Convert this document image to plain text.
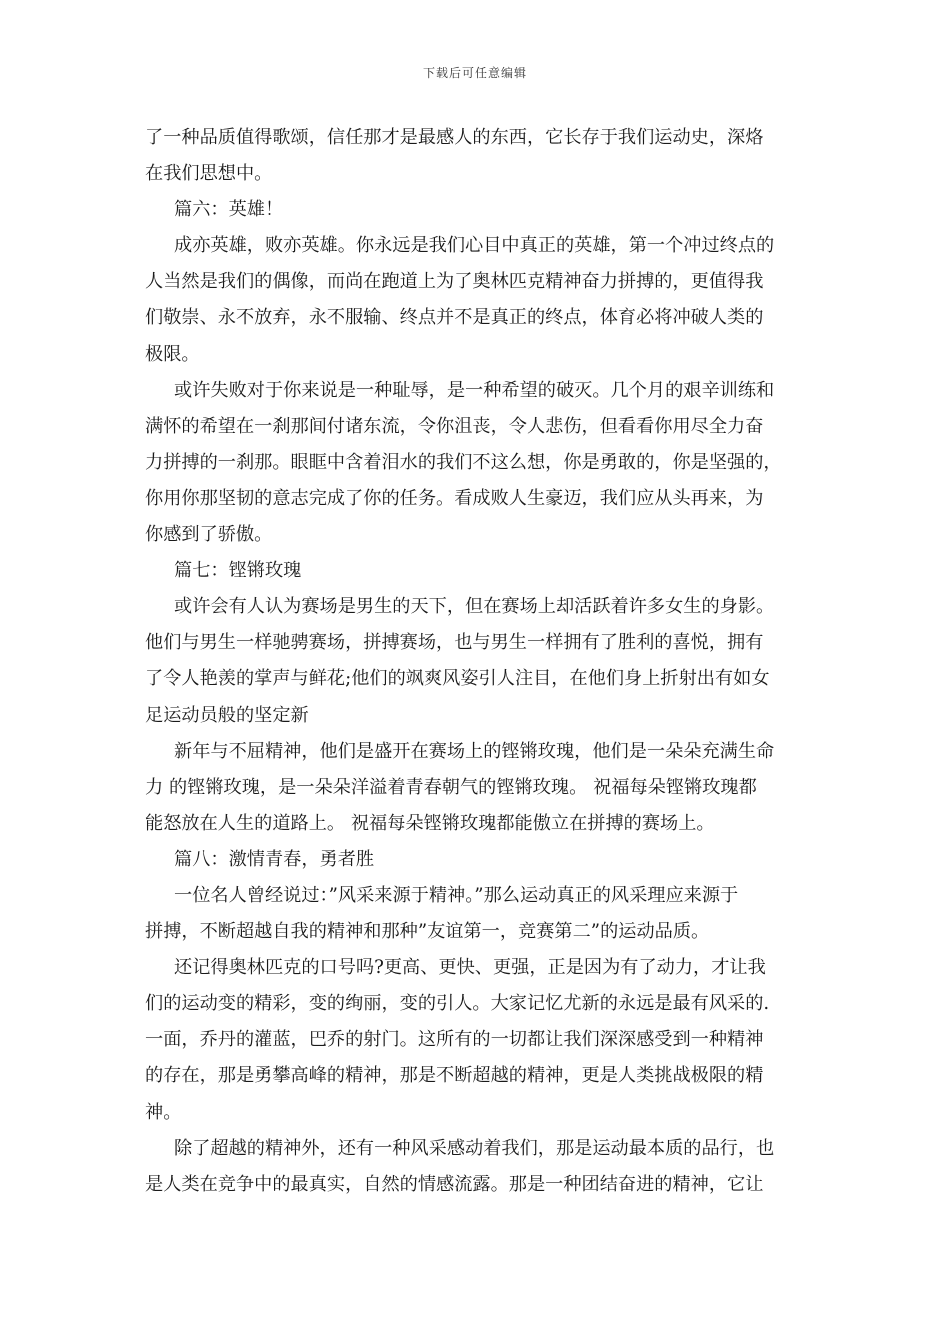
下载后可任意编辑
了一种品质值得歌颂，信任那才是最感人的东西，它长存于我们运动史，深烙
在我们思想中。
篇六：英雄！
成亦英雄，败亦英雄。你永远是我们心目中真正的英雄，第一个冲过终点的
人当然是我们的偶像，而尚在跑道上为了奥林匹克精神奋力拼搏的，更值得我
们敬崇、永不放弃，永不服输、终点并不是真正的终点，体育必将冲破人类的
极限。
或许失败对于你来说是一种耻辱，是一种希望的破灭。几个月的艰辛训练和
满怀的希望在一刹那间付诸东流，令你沮丧，令人悲伤，但看看你用尽全力奋
力拼搏的一刹那。眼眶中含着泪水的我们不这么想，你是勇敢的，你是坚强的，
你用你那坚韧的意志完成了你的任务。看成败人生豪迈，我们应从头再来，为
你感到了骄傲。
篇七：铿锵玫瑰
或许会有人认为赛场是男生的天下，但在赛场上却活跃着许多女生的身影。
他们与男生一样驰骋赛场，拼搏赛场，也与男生一样拥有了胜利的喜悦，拥有
了令人艳羡的掌声与鲜花;他们的飒爽风姿引人注目，在他们身上折射出有如女
足运动员般的坚定新
新年与不屈精神，他们是盛开在赛场上的铿锵玫瑰，他们是一朵朵充满生命
力 的铿锵玫瑰，是一朵朵洋溢着青春朝气的铿锵玫瑰。 祝福每朵铿锵玫瑰都
能怒放在人生的道路上。 祝福每朵铿锵玫瑰都能傲立在拼搏的赛场上。
篇八：激情青春，勇者胜
一位名人曾经说过：”风采来源于精神。”那么运动真正的风采理应来源于
拼搏，不断超越自我的精神和那种”友谊第一，竞赛第二”的运动品质。
还记得奥林匹克的口号吗?更高、更快、更强，正是因为有了动力，才让我
们的运动变的精彩，变的绚丽，变的引人。大家记忆尤新的永远是最有风采的.
一面，乔丹的灌蓝，巴乔的射门。这所有的一切都让我们深深感受到一种精神
的存在，那是勇攀高峰的精神，那是不断超越的精神，更是人类挑战极限的精
神。
除了超越的精神外，还有一种风采感动着我们，那是运动最本质的品行，也
是人类在竞争中的最真实，自然的情感流露。那是一种团结奋进的精神，它让
